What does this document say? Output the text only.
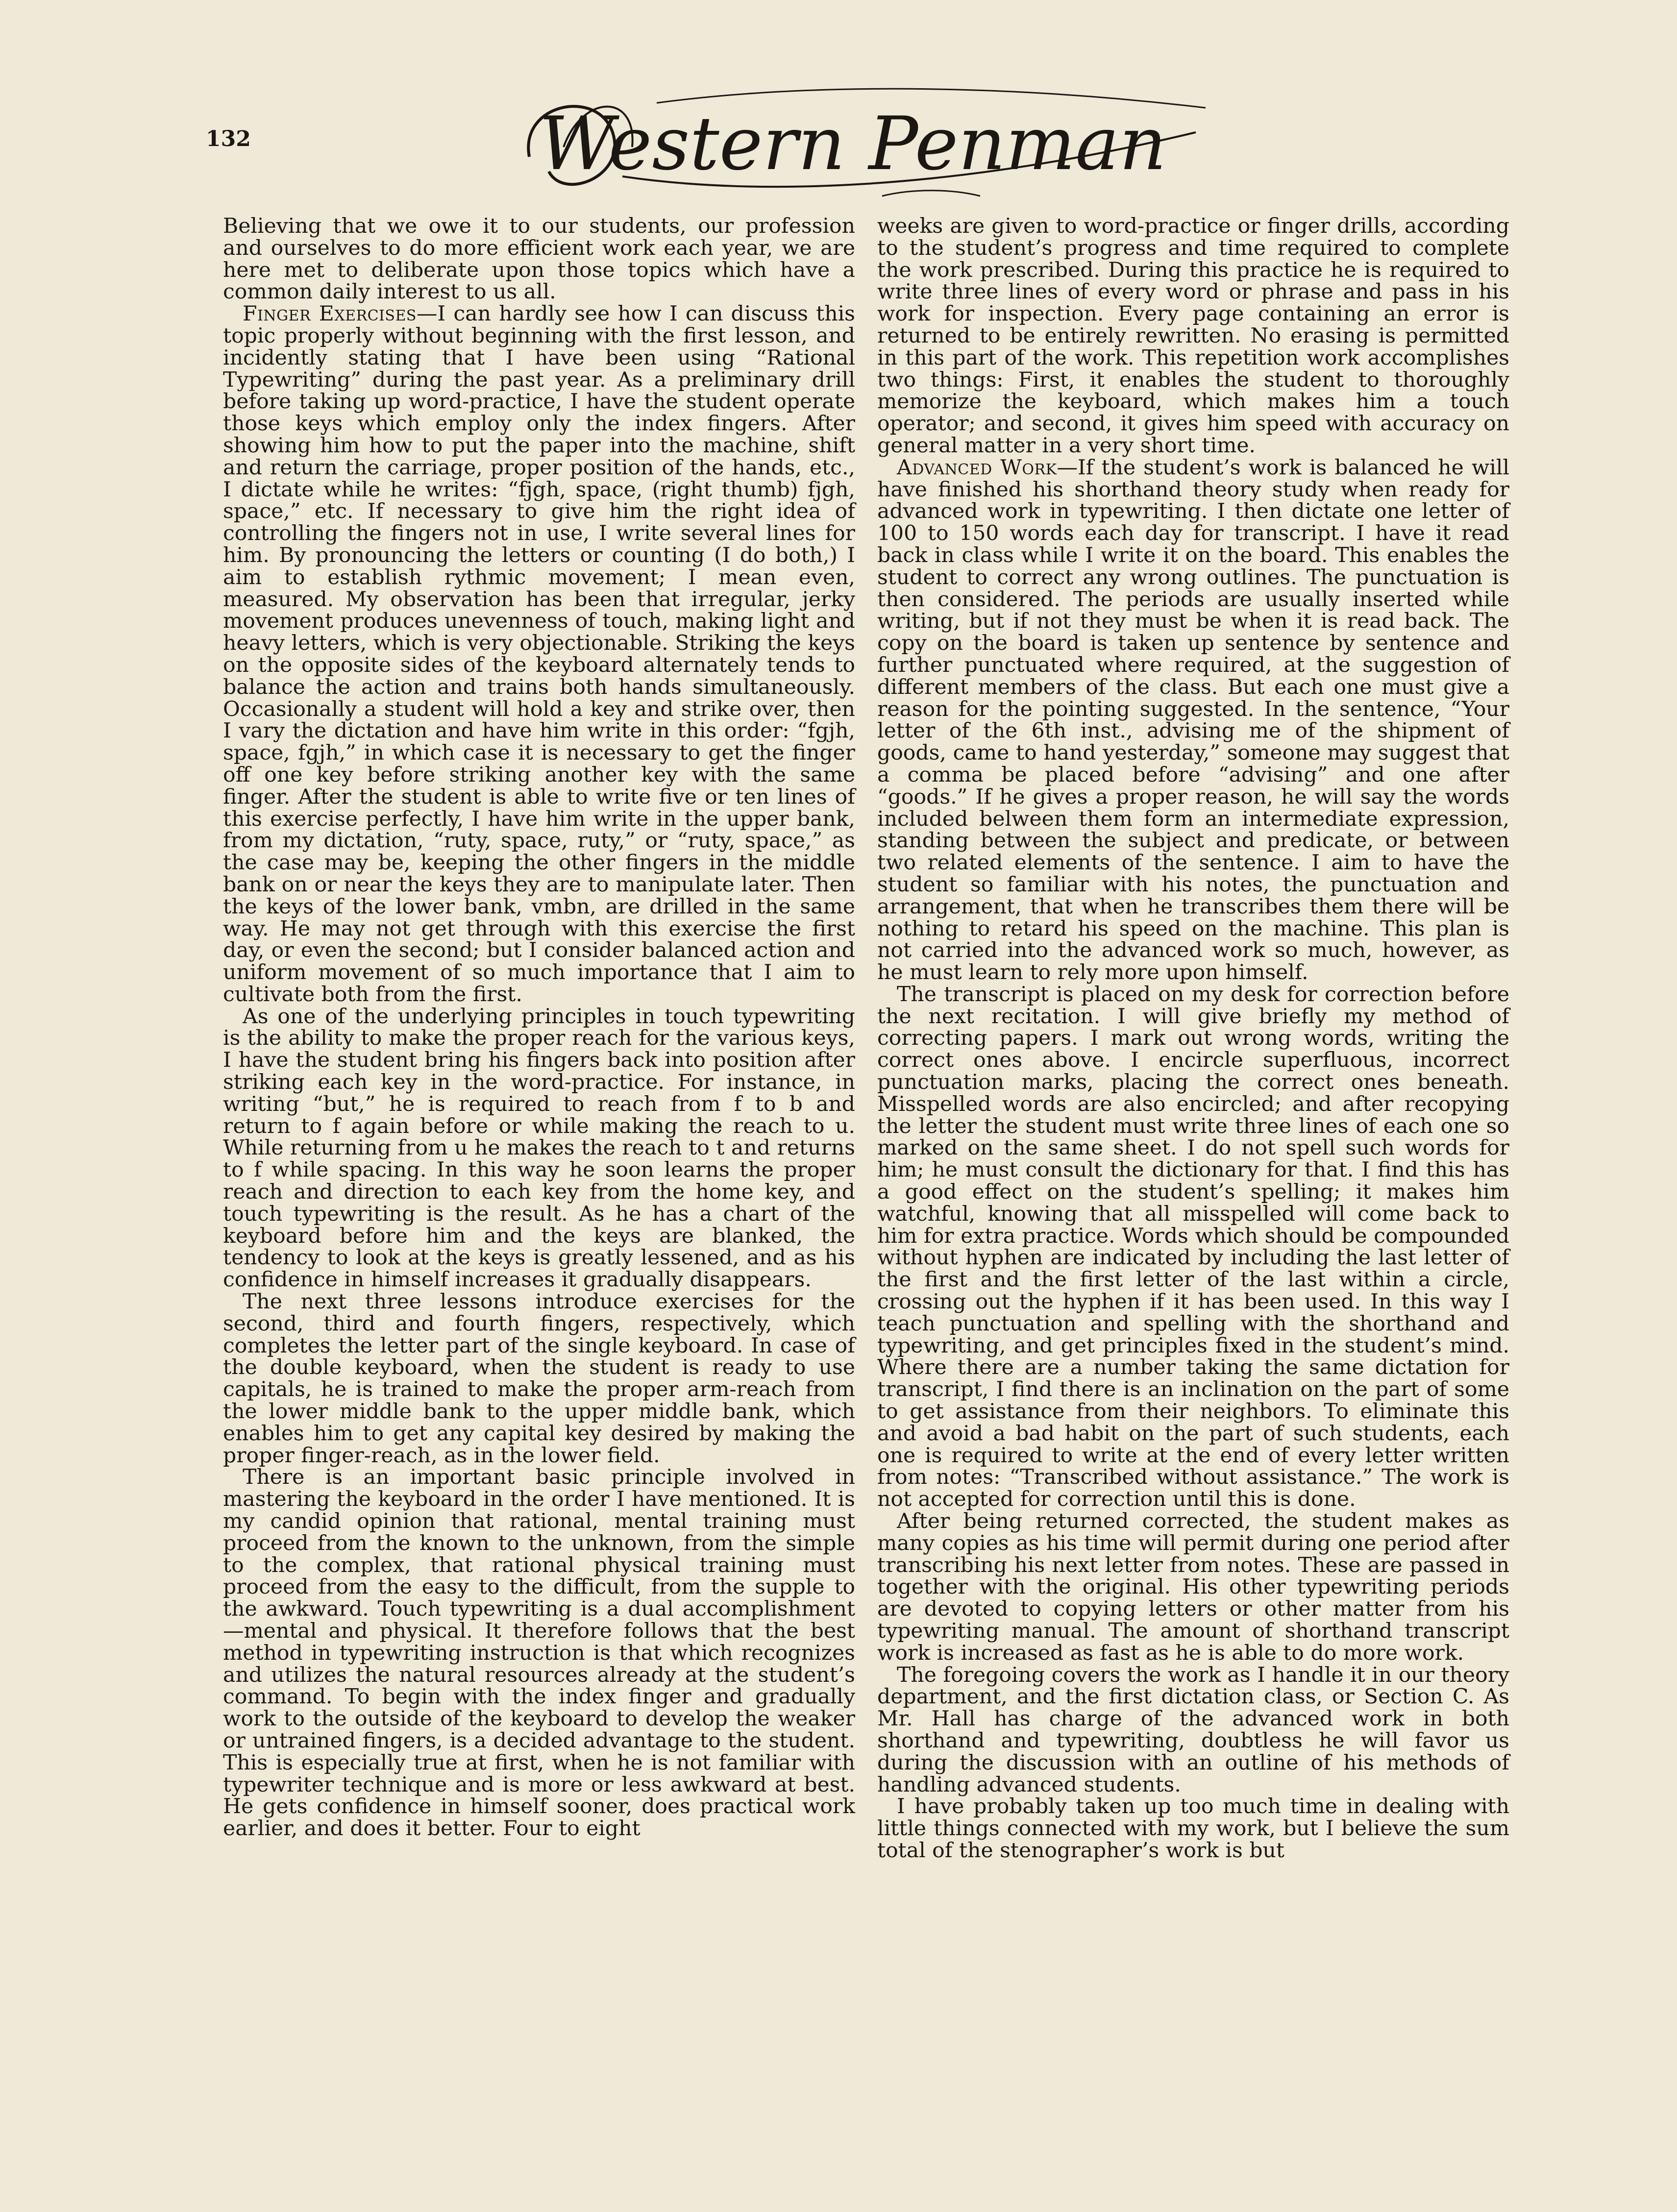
132	Western Penman

Believing that we owe it to our students, our profession and ourselves to do more efficient work each year, we are here met to deliberate upon those topics which have a common daily interest to us all.

Finger Exercises—I can hardly see how I can discuss this topic properly without beginning with the first lesson, and incidently stating that I have been using “Rational Typewriting” during the past year. As a preliminary drill before taking up word-practice, I have the student operate those keys which employ only the index fingers. After showing him how to put the paper into the machine, shift and return the carriage, proper position of the hands, etc., I dictate while he writes: “fjgh, space, (right thumb) fjgh, space,” etc. If necessary to give him the right idea of controlling the fingers not in use, I write several lines for him. By pronouncing the letters or counting (I do both,) I aim to establish rythmic movement; I mean even, measured. My observation has been that irregular, jerky movement produces unevenness of touch, making light and heavy letters, which is very objectionable. Striking the keys on the opposite sides of the keyboard alternately tends to balance the action and trains both hands simultaneously. Occasionally a student will hold a key and strike over, then I vary the dictation and have him write in this order: “fgjh, space, fgjh,” in which case it is necessary to get the finger off one key before striking another key with the same finger. After the student is able to write five or ten lines of this exercise perfectly, I have him write in the upper bank, from my dictation, “ruty, space, ruty,” or “ruty, space,” as the case may be, keeping the other fingers in the middle bank on or near the keys they are to manipulate later. Then the keys of the lower bank, vmbn, are drilled in the same way. He may not get through with this exercise the first day, or even the second; but I consider balanced action and uniform movement of so much importance that I aim to cultivate both from the first.

As one of the underlying principles in touch typewriting is the ability to make the proper reach for the various keys, I have the student bring his fingers back into position after striking each key in the word-practice. For instance, in writing “but,” he is required to reach from f to b and return to f again before or while making the reach to u. While returning from u he makes the reach to t and returns to f while spacing. In this way he soon learns the proper reach and direction to each key from the home key, and touch typewriting is the result. As he has a chart of the keyboard before him and the keys are blanked, the tendency to look at the keys is greatly lessened, and as his confidence in himself increases it gradually disappears.

The next three lessons introduce exercises for the second, third and fourth fingers, respectively, which completes the letter part of the single keyboard. In case of the double keyboard, when the student is ready to use capitals, he is trained to make the proper arm-reach from the lower middle bank to the upper middle bank, which enables him to get any capital key desired by making the proper finger-reach, as in the lower field.

There is an important basic principle involved in mastering the keyboard in the order I have mentioned. It is my candid opinion that rational, mental training must proceed from the known to the unknown, from the simple to the complex, that rational physical training must proceed from the easy to the difficult, from the supple to the awkward. Touch typewriting is a dual accomplishment—mental and physical. It therefore follows that the best method in typewriting instruction is that which recognizes and utilizes the natural resources already at the student’s command. To begin with the index finger and gradually work to the outside of the keyboard to develop the weaker or untrained fingers, is a decided advantage to the student. This is especially true at first, when he is not familiar with typewriter technique and is more or less awkward at best. He gets confidence in himself sooner, does practical work earlier, and does it better. Four to eight

weeks are given to word-practice or finger drills, according to the student’s progress and time required to complete the work prescribed. During this practice he is required to write three lines of every word or phrase and pass in his work for inspection. Every page containing an error is returned to be entirely rewritten. No erasing is permitted in this part of the work. This repetition work accomplishes two things: First, it enables the student to thoroughly memorize the keyboard, which makes him a touch operator; and second, it gives him speed with accuracy on general matter in a very short time.

Advanced Work—If the student’s work is balanced he will have finished his shorthand theory study when ready for advanced work in typewriting. I then dictate one letter of 100 to 150 words each day for transcript. I have it read back in class while I write it on the board. This enables the student to correct any wrong outlines. The punctuation is then considered. The periods are usually inserted while writing, but if not they must be when it is read back. The copy on the board is taken up sentence by sentence and further punctuated where required, at the suggestion of different members of the class. But each one must give a reason for the pointing suggested. In the sentence, “Your letter of the 6th inst., advising me of the shipment of goods, came to hand yesterday,” someone may suggest that a comma be placed before “advising” and one after “goods.” If he gives a proper reason, he will say the words included belween them form an intermediate expression, standing between the subject and predicate, or between two related elements of the sentence. I aim to have the student so familiar with his notes, the punctuation and arrangement, that when he transcribes them there will be nothing to retard his speed on the machine. This plan is not carried into the advanced work so much, however, as he must learn to rely more upon himself.

The transcript is placed on my desk for correction before the next recitation. I will give briefly my method of correcting papers. I mark out wrong words, writing the correct ones above. I encircle superfluous, incorrect punctuation marks, placing the correct ones beneath. Misspelled words are also encircled; and after recopying the letter the student must write three lines of each one so marked on the same sheet. I do not spell such words for him; he must consult the dictionary for that. I find this has a good effect on the student’s spelling; it makes him watchful, knowing that all misspelled will come back to him for extra practice. Words which should be compounded without hyphen are indicated by including the last letter of the first and the first letter of the last within a circle, crossing out the hyphen if it has been used. In this way I teach punctuation and spelling with the shorthand and typewriting, and get principles fixed in the student’s mind. Where there are a number taking the same dictation for transcript, I find there is an inclination on the part of some to get assistance from their neighbors. To eliminate this and avoid a bad habit on the part of such students, each one is required to write at the end of every letter written from notes: “Transcribed without assistance.” The work is not accepted for correction until this is done.

After being returned corrected, the student makes as many copies as his time will permit during one period after transcribing his next letter from notes. These are passed in together with the original. His other typewriting periods are devoted to copying letters or other matter from his typewriting manual. The amount of shorthand transcript work is increased as fast as he is able to do more work.

The foregoing covers the work as I handle it in our theory department, and the first dictation class, or Section C. As Mr. Hall has charge of the advanced work in both shorthand and typewriting, doubtless he will favor us during the discussion with an outline of his methods of handling advanced students.

I have probably taken up too much time in dealing with little things connected with my work, but I believe the sum total of the stenographer’s work is but
